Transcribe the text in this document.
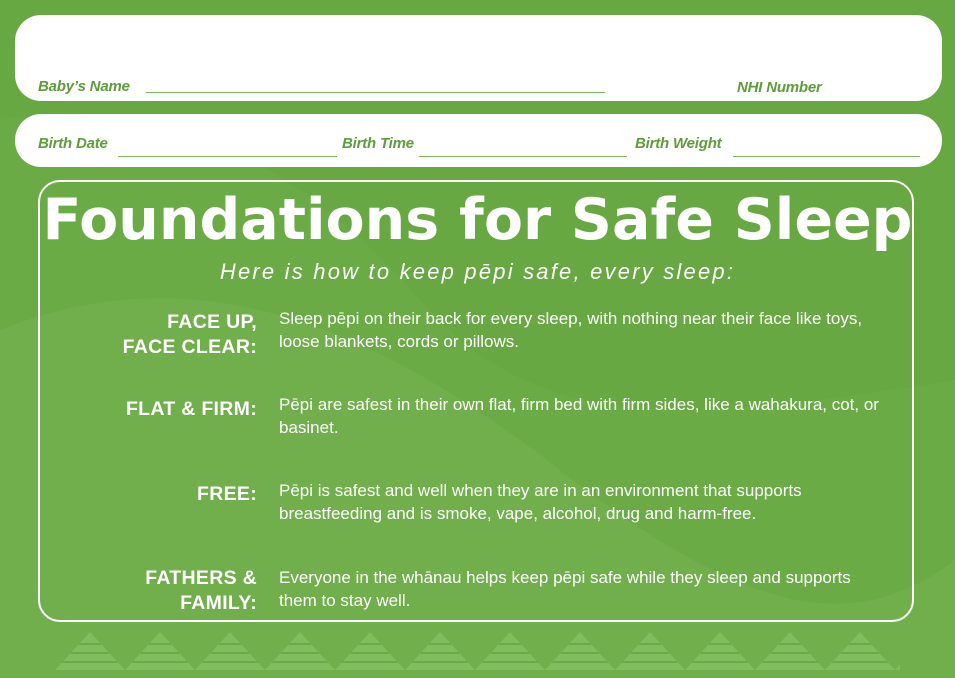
Baby’s Name	NHI Number
Birth Date	Birth Time	Birth Weight
Foundations for Safe Sleep
Here is how to keep pēpi safe, every sleep:
FACE UP,
FACE CLEAR:
Sleep pēpi on their back for every sleep, with nothing near their face like toys, loose blankets, cords or pillows.
FLAT & FIRM: Pēpi are safest in their own flat, firm bed with firm sides, like a wahakura, cot, or basinet.
FREE: Pēpi is safest and well when they are in an environment that supports breastfeeding and is smoke, vape, alcohol, drug and harm-free.
FATHERS &
FAMILY:
Everyone in the whānau helps keep pēpi safe while they sleep and supports them to stay well.
